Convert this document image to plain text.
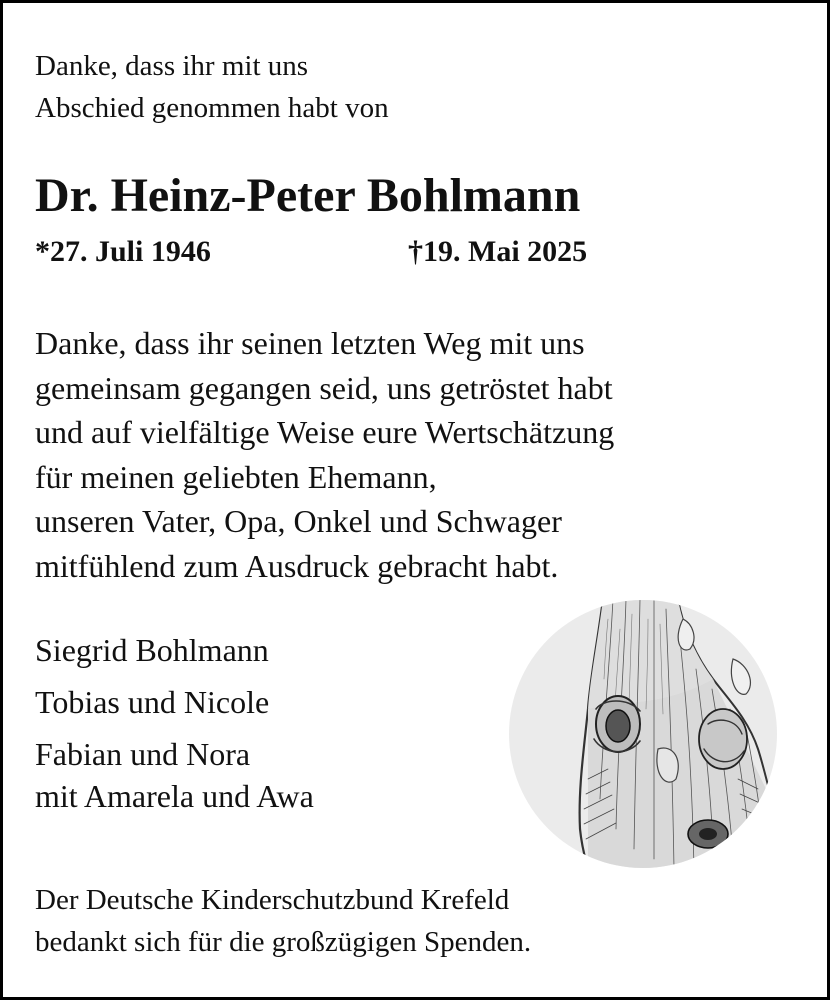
Danke, dass ihr mit uns
Abschied genommen habt von
Dr. Heinz-Peter Bohlmann
*27. Juli 1946	†19. Mai 2025
Danke, dass ihr seinen letzten Weg mit uns
gemeinsam gegangen seid, uns getröstet habt
und auf vielfältige Weise eure Wertschätzung
für meinen geliebten Ehemann,
unseren Vater, Opa, Onkel und Schwager
mitfühlend zum Ausdruck gebracht habt.
Siegrid Bohlmann
Tobias und Nicole
Fabian und Nora
mit Amarela und Awa
Der Deutsche Kinderschutzbund Krefeld
bedankt sich für die großzügigen Spenden.
